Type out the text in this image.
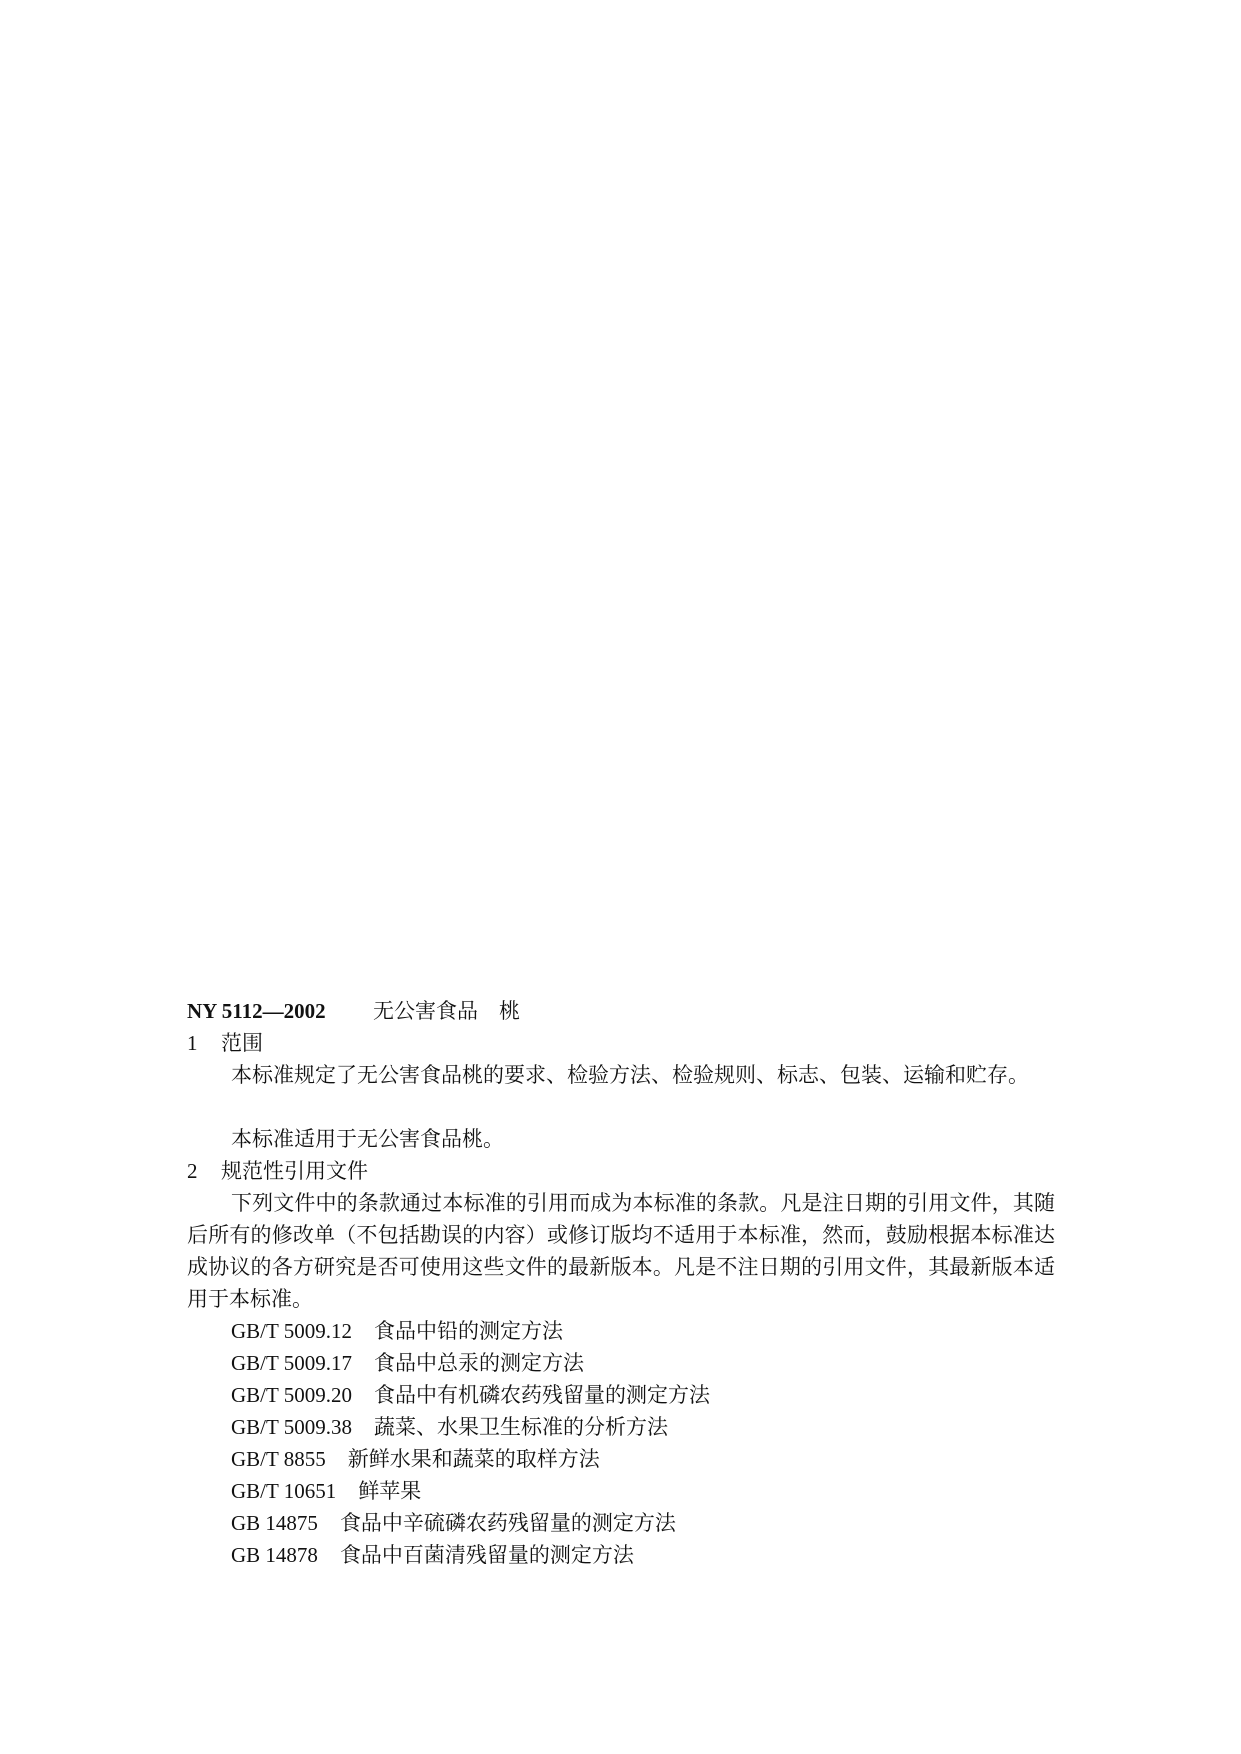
NY 5112—2002 无公害食品　桃
1 范围
本标准规定了无公害食品桃的要求、检验方法、检验规则、标志、包装、运输和贮存。
本标准适用于无公害食品桃。
2 规范性引用文件
下列文件中的条款通过本标准的引用而成为本标准的条款。凡是注日期的引用文件，其随后所有的修改单（不包括勘误的内容）或修订版均不适用于本标准，然而，鼓励根据本标准达成协议的各方研究是否可使用这些文件的最新版本。凡是不注日期的引用文件，其最新版本适用于本标准。
GB/T 5009.12 食品中铅的测定方法
GB/T 5009.17 食品中总汞的测定方法
GB/T 5009.20 食品中有机磷农药残留量的测定方法
GB/T 5009.38 蔬菜、水果卫生标准的分析方法
GB/T 8855 新鲜水果和蔬菜的取样方法
GB/T 10651 鲜苹果
GB 14875 食品中辛硫磷农药残留量的测定方法
GB 14878 食品中百菌清残留量的测定方法
